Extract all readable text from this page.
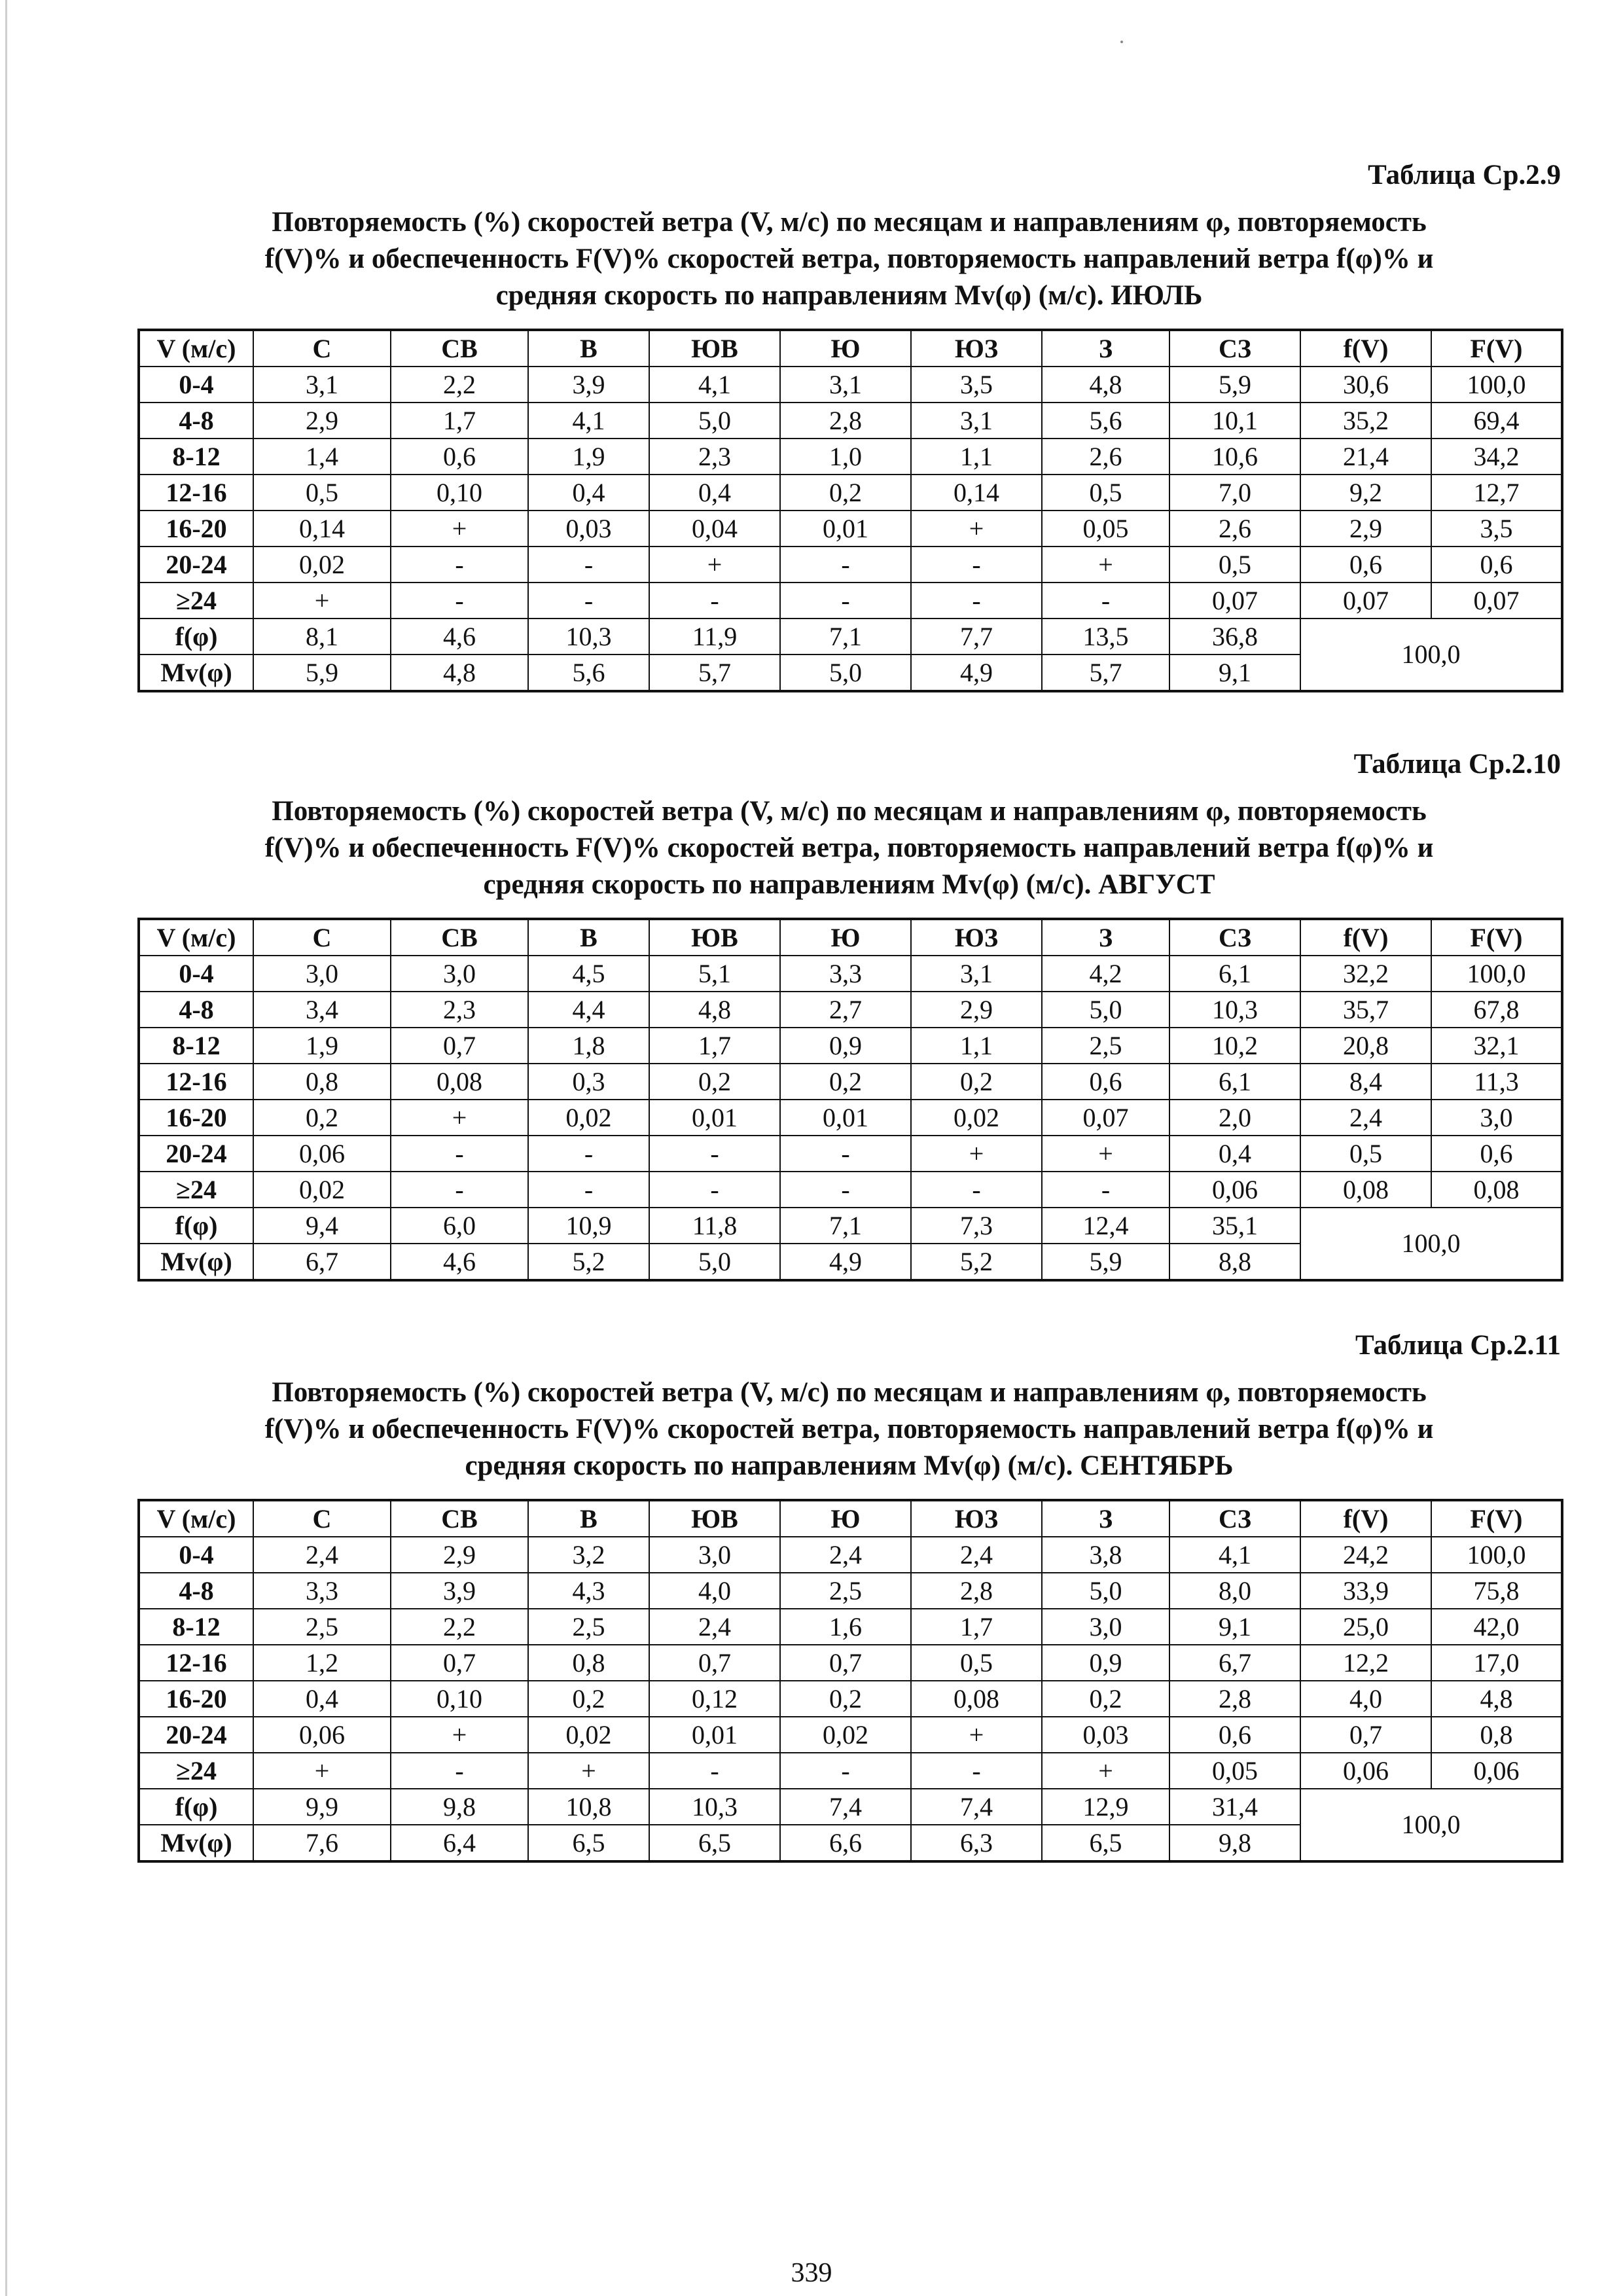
Таблица Ср.2.9
Повторяемость (%) скоростей ветра (V, м/с) по месяцам и направлениям φ, повторяемость
f(V)% и обеспеченность F(V)% скоростей ветра, повторяемость направлений ветра f(φ)% и
средняя скорость по направлениям Mv(φ) (м/с). ИЮЛЬ
V (м/с)	С	СВ	В	ЮВ	Ю	ЮЗ	З	СЗ	f(V)	F(V)
0-4	3,1	2,2	3,9	4,1	3,1	3,5	4,8	5,9	30,6	100,0
4-8	2,9	1,7	4,1	5,0	2,8	3,1	5,6	10,1	35,2	69,4
8-12	1,4	0,6	1,9	2,3	1,0	1,1	2,6	10,6	21,4	34,2
12-16	0,5	0,10	0,4	0,4	0,2	0,14	0,5	7,0	9,2	12,7
16-20	0,14	+	0,03	0,04	0,01	+	0,05	2,6	2,9	3,5
20-24	0,02	-	-	+	-	-	+	0,5	0,6	0,6
≥24	+	-	-	-	-	-	-	0,07	0,07	0,07
f(φ)	8,1	4,6	10,3	11,9	7,1	7,7	13,5	36,8	100,0	
Mv(φ)	5,9	4,8	5,6	5,7	5,0	4,9	5,7	9,1		
Таблица Ср.2.10
Повторяемость (%) скоростей ветра (V, м/с) по месяцам и направлениям φ, повторяемость
f(V)% и обеспеченность F(V)% скоростей ветра, повторяемость направлений ветра f(φ)% и
средняя скорость по направлениям Mv(φ) (м/с). АВГУСТ
V (м/с)	С	СВ	В	ЮВ	Ю	ЮЗ	З	СЗ	f(V)	F(V)
0-4	3,0	3,0	4,5	5,1	3,3	3,1	4,2	6,1	32,2	100,0
4-8	3,4	2,3	4,4	4,8	2,7	2,9	5,0	10,3	35,7	67,8
8-12	1,9	0,7	1,8	1,7	0,9	1,1	2,5	10,2	20,8	32,1
12-16	0,8	0,08	0,3	0,2	0,2	0,2	0,6	6,1	8,4	11,3
16-20	0,2	+	0,02	0,01	0,01	0,02	0,07	2,0	2,4	3,0
20-24	0,06	-	-	-	-	+	+	0,4	0,5	0,6
≥24	0,02	-	-	-	-	-	-	0,06	0,08	0,08
f(φ)	9,4	6,0	10,9	11,8	7,1	7,3	12,4	35,1	100,0	
Mv(φ)	6,7	4,6	5,2	5,0	4,9	5,2	5,9	8,8		
Таблица Ср.2.11
Повторяемость (%) скоростей ветра (V, м/с) по месяцам и направлениям φ, повторяемость
f(V)% и обеспеченность F(V)% скоростей ветра, повторяемость направлений ветра f(φ)% и
средняя скорость по направлениям Mv(φ) (м/с). СЕНТЯБРЬ
V (м/с)	С	СВ	В	ЮВ	Ю	ЮЗ	З	СЗ	f(V)	F(V)
0-4	2,4	2,9	3,2	3,0	2,4	2,4	3,8	4,1	24,2	100,0
4-8	3,3	3,9	4,3	4,0	2,5	2,8	5,0	8,0	33,9	75,8
8-12	2,5	2,2	2,5	2,4	1,6	1,7	3,0	9,1	25,0	42,0
12-16	1,2	0,7	0,8	0,7	0,7	0,5	0,9	6,7	12,2	17,0
16-20	0,4	0,10	0,2	0,12	0,2	0,08	0,2	2,8	4,0	4,8
20-24	0,06	+	0,02	0,01	0,02	+	0,03	0,6	0,7	0,8
≥24	+	-	+	-	-	-	+	0,05	0,06	0,06
f(φ)	9,9	9,8	10,8	10,3	7,4	7,4	12,9	31,4	100,0	
Mv(φ)	7,6	6,4	6,5	6,5	6,6	6,3	6,5	9,8		
339
